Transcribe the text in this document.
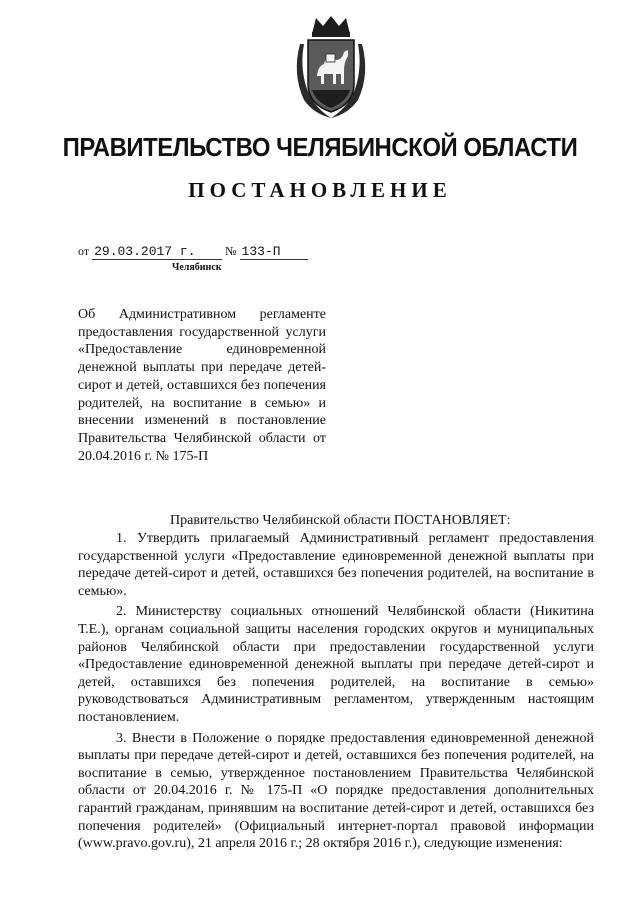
ПРАВИТЕЛЬСТВО ЧЕЛЯБИНСКОЙ ОБЛАСТИ
ПОСТАНОВЛЕНИЕ
от 29.03.2017 г. № 133-П
Челябинск
Об Административном регламенте предоставления государственной услуги «Предоставление единовременной денежной выплаты при передаче детей-сирот и детей, оставшихся без попечения родителей, на воспитание в семью» и внесении изменений в постановление Правительства Челябинской области от 20.04.2016 г. № 175-П
Правительство Челябинской области ПОСТАНОВЛЯЕТ:

1. Утвердить прилагаемый Административный регламент предоставления государственной услуги «Предоставление единовременной денежной выплаты при передаче детей-сирот и детей, оставшихся без попечения родителей, на воспитание в семью».

2. Министерству социальных отношений Челябинской области (Никитина Т.Е.), органам социальной защиты населения городских округов и муниципальных районов Челябинской области при предоставлении государственной услуги «Предоставление единовременной денежной выплаты при передаче детей-сирот и детей, оставшихся без попечения родителей, на воспитание в семью» руководствоваться Административным регламентом, утвержденным настоящим постановлением.

3. Внести в Положение о порядке предоставления единовременной денежной выплаты при передаче детей-сирот и детей, оставшихся без попечения родителей, на воспитание в семью, утвержденное постановлением Правительства Челябинской области от 20.04.2016 г. № 175-П «О порядке предоставления дополнительных гарантий гражданам, принявшим на воспитание детей-сирот и детей, оставшихся без попечения родителей» (Официальный интернет-портал правовой информации (www.pravo.gov.ru), 21 апреля 2016 г.; 28 октября 2016 г.), следующие изменения:
